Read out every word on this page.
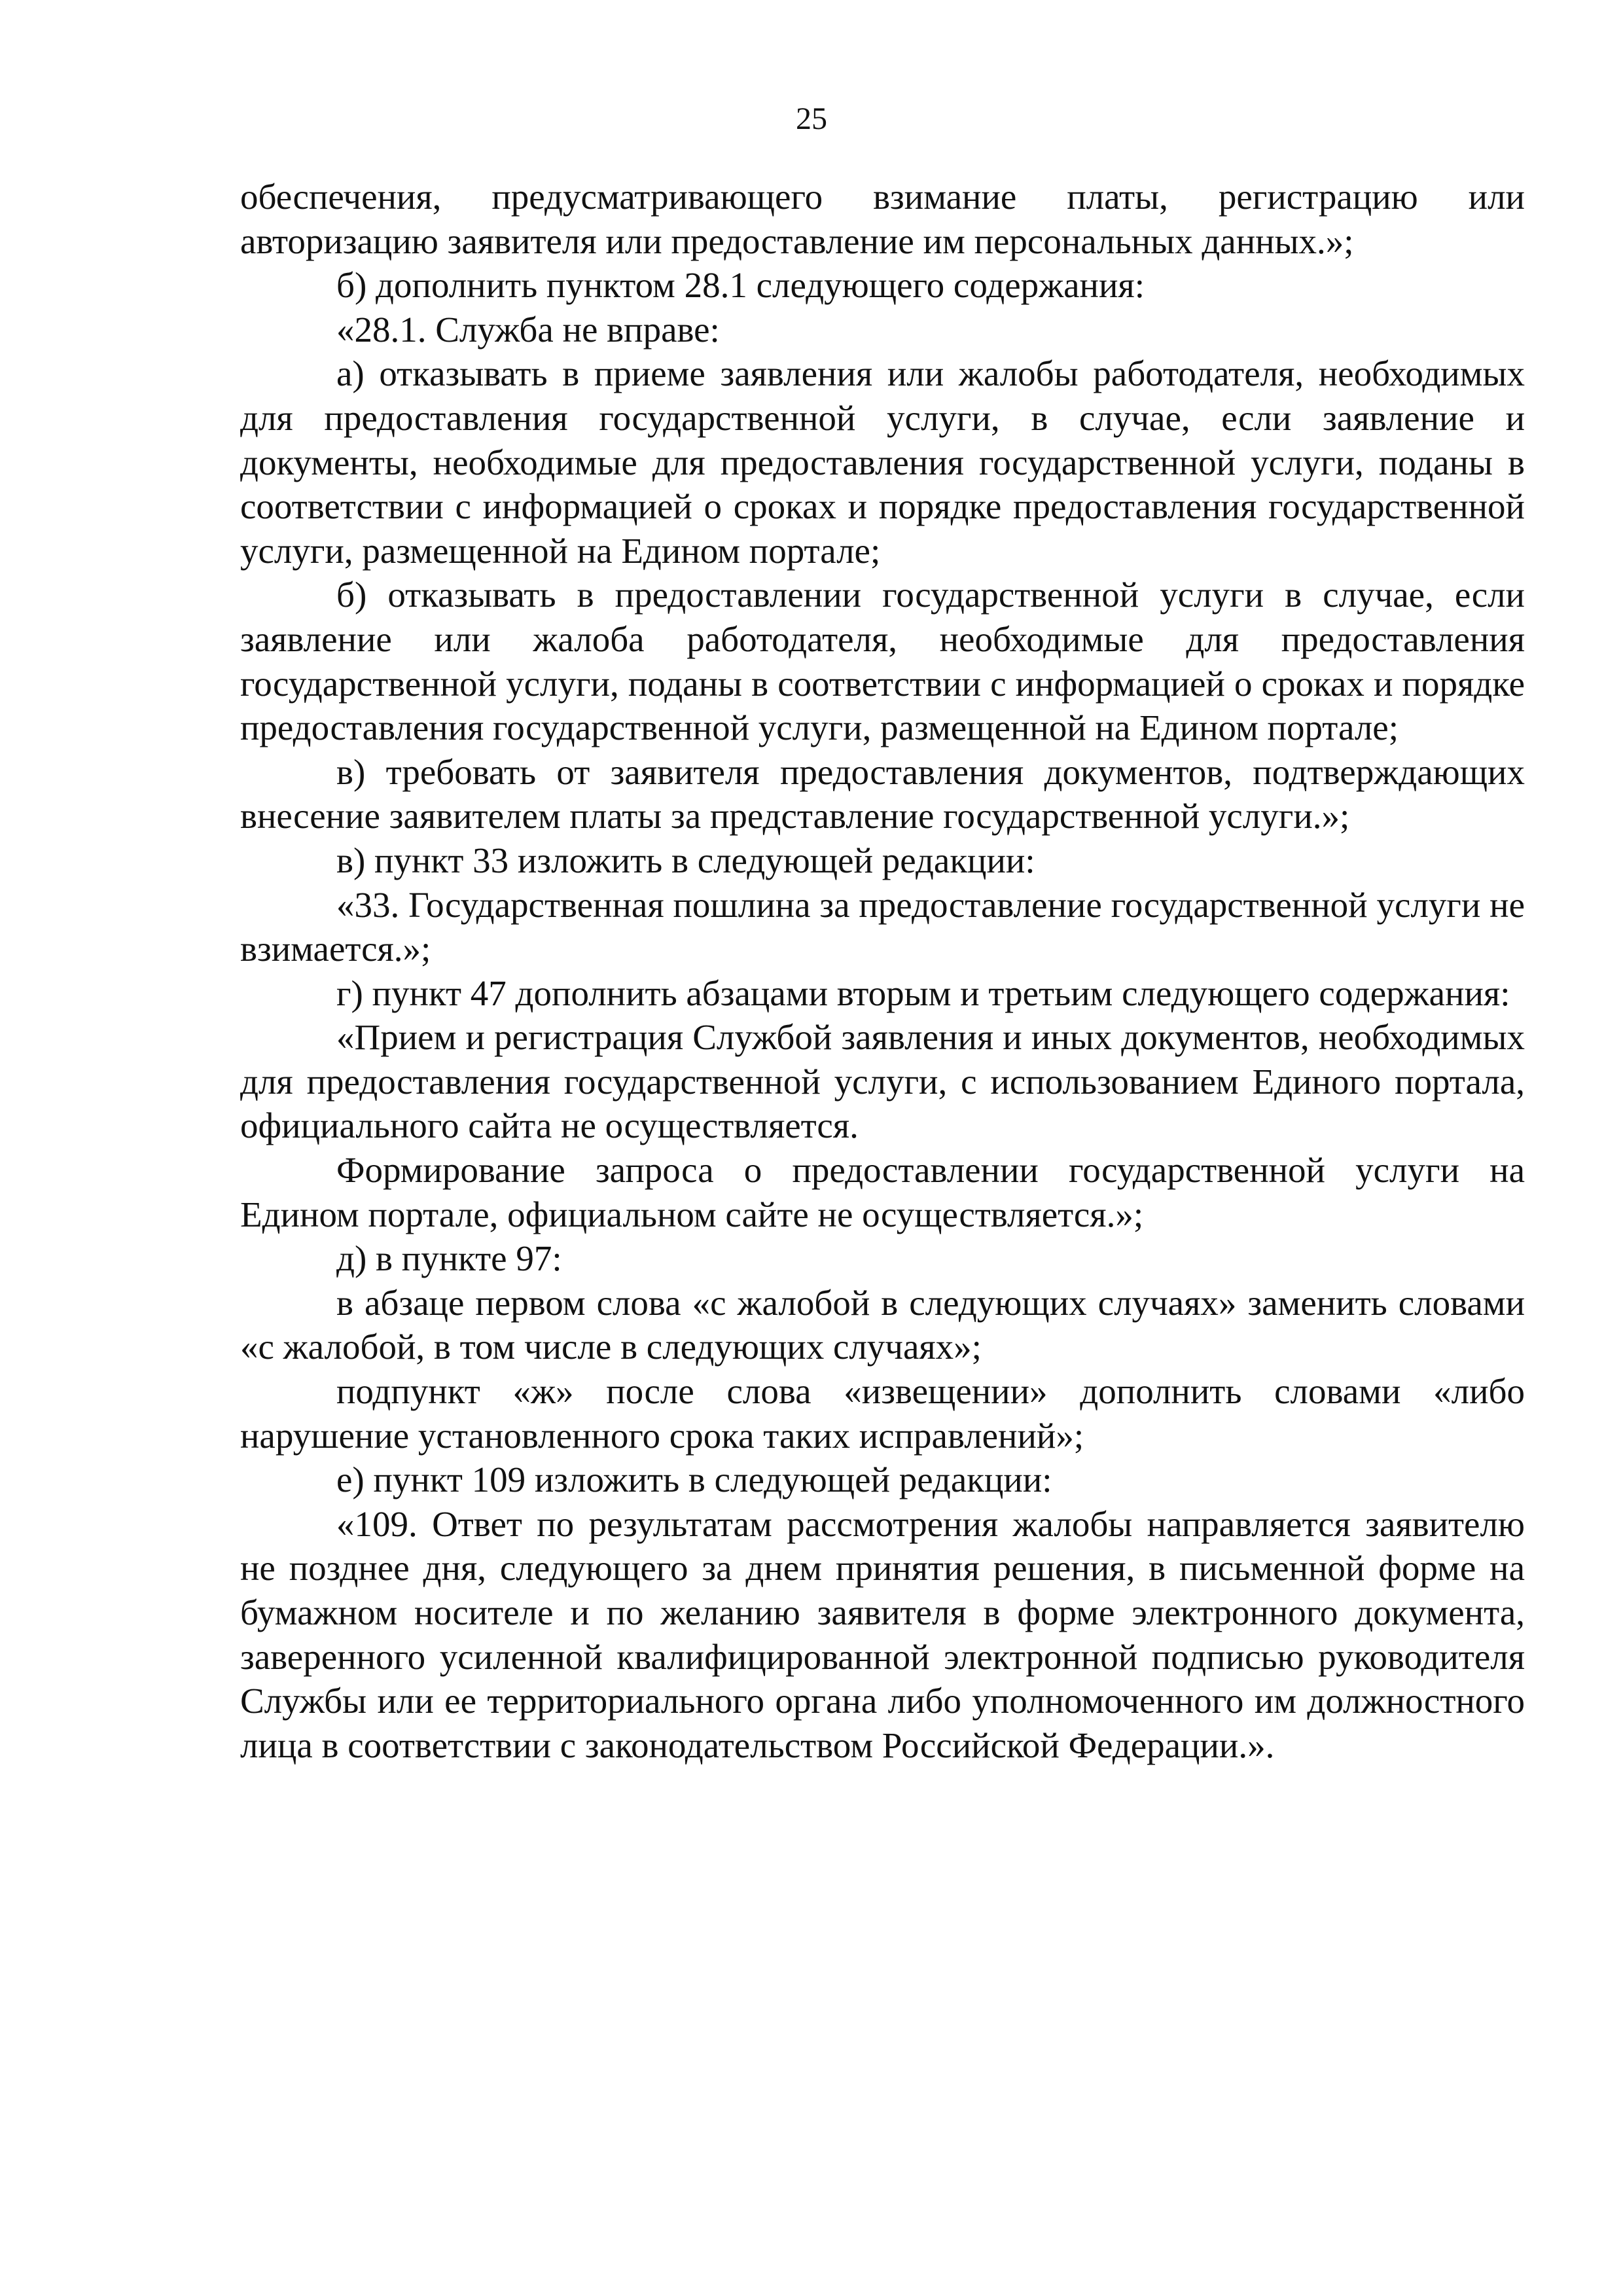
25

обеспечения, предусматривающего взимание платы, регистрацию или авторизацию заявителя или предоставление им персональных данных.»;

б) дополнить пунктом 28.1 следующего содержания:

«28.1. Служба не вправе:

а) отказывать в приеме заявления или жалобы работодателя, необходимых для предоставления государственной услуги, в случае, если заявление и документы, необходимые для предоставления государственной услуги, поданы в соответствии с информацией о сроках и порядке предоставления государственной услуги, размещенной на Едином портале;

б) отказывать в предоставлении государственной услуги в случае, если заявление или жалоба работодателя, необходимые для предоставления государственной услуги, поданы в соответствии с информацией о сроках и порядке предоставления государственной услуги, размещенной на Едином портале;

в) требовать от заявителя предоставления документов, подтверждающих внесение заявителем платы за представление государственной услуги.»;

в) пункт 33 изложить в следующей редакции:

«33. Государственная пошлина за предоставление государственной услуги не взимается.»;

г) пункт 47 дополнить абзацами вторым и третьим следующего содержания:

«Прием и регистрация Службой заявления и иных документов, необходимых для предоставления государственной услуги, с использованием Единого портала, официального сайта не осуществляется.

Формирование запроса о предоставлении государственной услуги на Едином портале, официальном сайте не осуществляется.»;

д) в пункте 97:

в абзаце первом слова «с жалобой в следующих случаях» заменить словами «с жалобой, в том числе в следующих случаях»;

подпункт «ж» после слова «извещении» дополнить словами «либо нарушение установленного срока таких исправлений»;

е) пункт 109 изложить в следующей редакции:

«109. Ответ по результатам рассмотрения жалобы направляется заявителю не позднее дня, следующего за днем принятия решения, в письменной форме на бумажном носителе и по желанию заявителя в форме электронного документа, заверенного усиленной квалифицированной электронной подписью руководителя Службы или ее территориального органа либо уполномоченного им должностного лица в соответствии с законодательством Российской Федерации.».
